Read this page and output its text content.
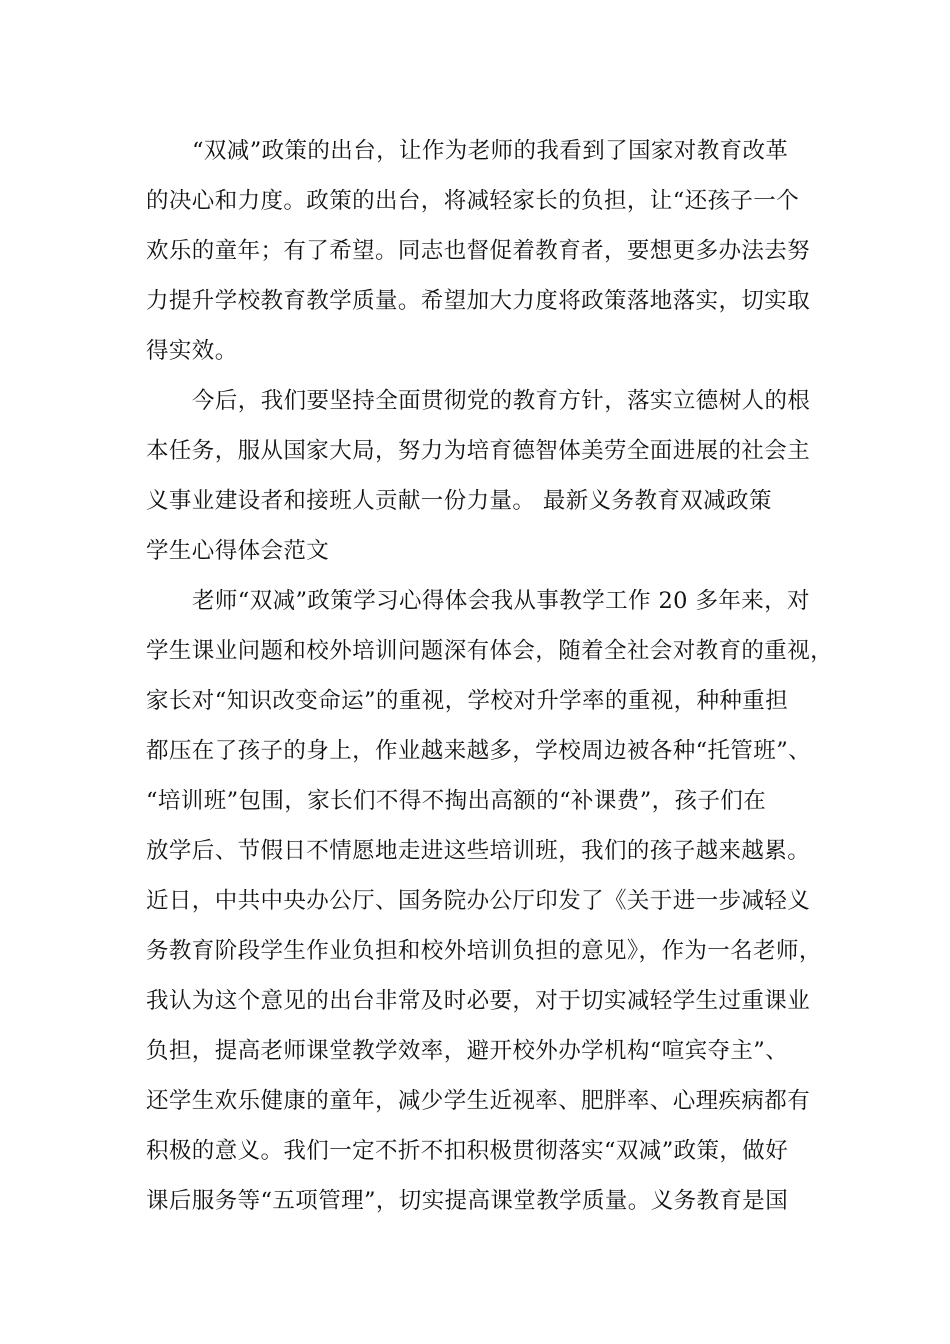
“双减”政策的出台，让作为老师的我看到了国家对教育改革
的决心和力度。政策的出台，将减轻家长的负担，让“还孩子一个
欢乐的童年；有了希望。同志也督促着教育者，要想更多办法去努
力提升学校教育教学质量。希望加大力度将政策落地落实，切实取
得实效。
今后，我们要坚持全面贯彻党的教育方针，落实立德树人的根
本任务，服从国家大局，努力为培育德智体美劳全面进展的社会主
义事业建设者和接班人贡献一份力量。 最新义务教育双减政策
学生心得体会范文
老师“双减”政策学习心得体会我从事教学工作 20 多年来，对
学生课业问题和校外培训问题深有体会，随着全社会对教育的重视，
家长对“知识改变命运”的重视，学校对升学率的重视，种种重担
都压在了孩子的身上，作业越来越多，学校周边被各种“托管班”、
“培训班”包围，家长们不得不掏出高额的“补课费”，孩子们在
放学后、节假日不情愿地走进这些培训班，我们的孩子越来越累。
近日，中共中央办公厅、国务院办公厅印发了《关于进一步减轻义
务教育阶段学生作业负担和校外培训负担的意见》，作为一名老师，
我认为这个意见的出台非常及时必要，对于切实减轻学生过重课业
负担，提高老师课堂教学效率，避开校外办学机构“喧宾夺主”、
还学生欢乐健康的童年，减少学生近视率、肥胖率、心理疾病都有
积极的意义。我们一定不折不扣积极贯彻落实“双减”政策，做好
课后服务等“五项管理”，切实提高课堂教学质量。义务教育是国
